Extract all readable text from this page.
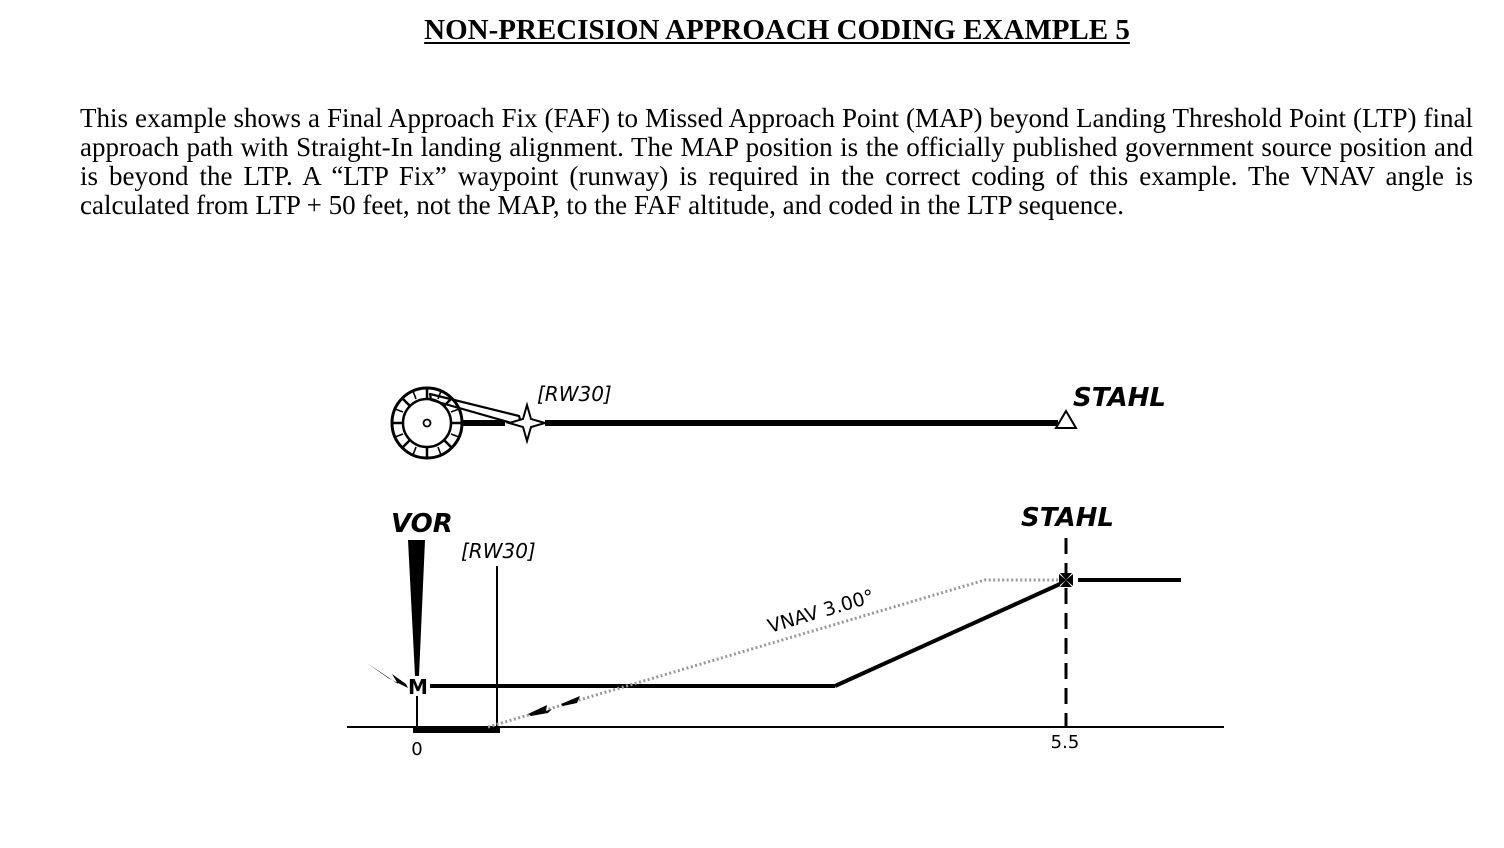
NON-PRECISION APPROACH CODING EXAMPLE 5

This example shows a Final Approach Fix (FAF) to Missed Approach Point (MAP) beyond Landing Threshold Point (LTP) final approach path with Straight-In landing alignment. The MAP position is the officially published government source position and is beyond the LTP. A “LTP Fix” waypoint (runway) is required in the correct coding of this example. The VNAV angle is calculated from LTP + 50 feet, not the MAP, to the FAF altitude, and coded in the LTP sequence.

[RW30]	STAHL
M
VOR
[RW30]
STAHL
VNAV 3.00°
0	5.5
